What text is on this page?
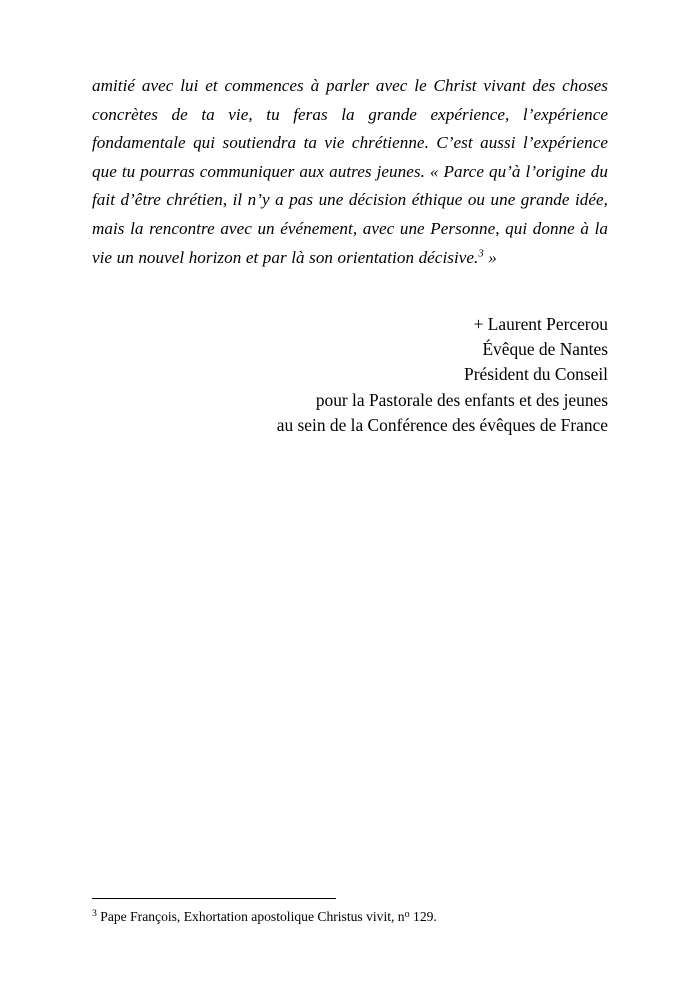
amitié avec lui et commences à parler avec le Christ vivant des choses concrètes de ta vie, tu feras la grande expérience, l’expérience fondamentale qui soutiendra ta vie chrétienne. C’est aussi l’expérience que tu pourras communiquer aux autres jeunes. « Parce qu’à l’origine du fait d’être chrétien, il n’y a pas une décision éthique ou une grande idée, mais la rencontre avec un événement, avec une Personne, qui donne à la vie un nouvel horizon et par là son orientation décisive.$^3$ »

+ Laurent Percerou

Évêque de Nantes

Président du Conseil

pour la Pastorale des enfants et des jeunes

au sein de la Conférence des évêques de France

$^3$ Pape François, Exhortation apostolique Christus vivit, $n^o$ 129.
